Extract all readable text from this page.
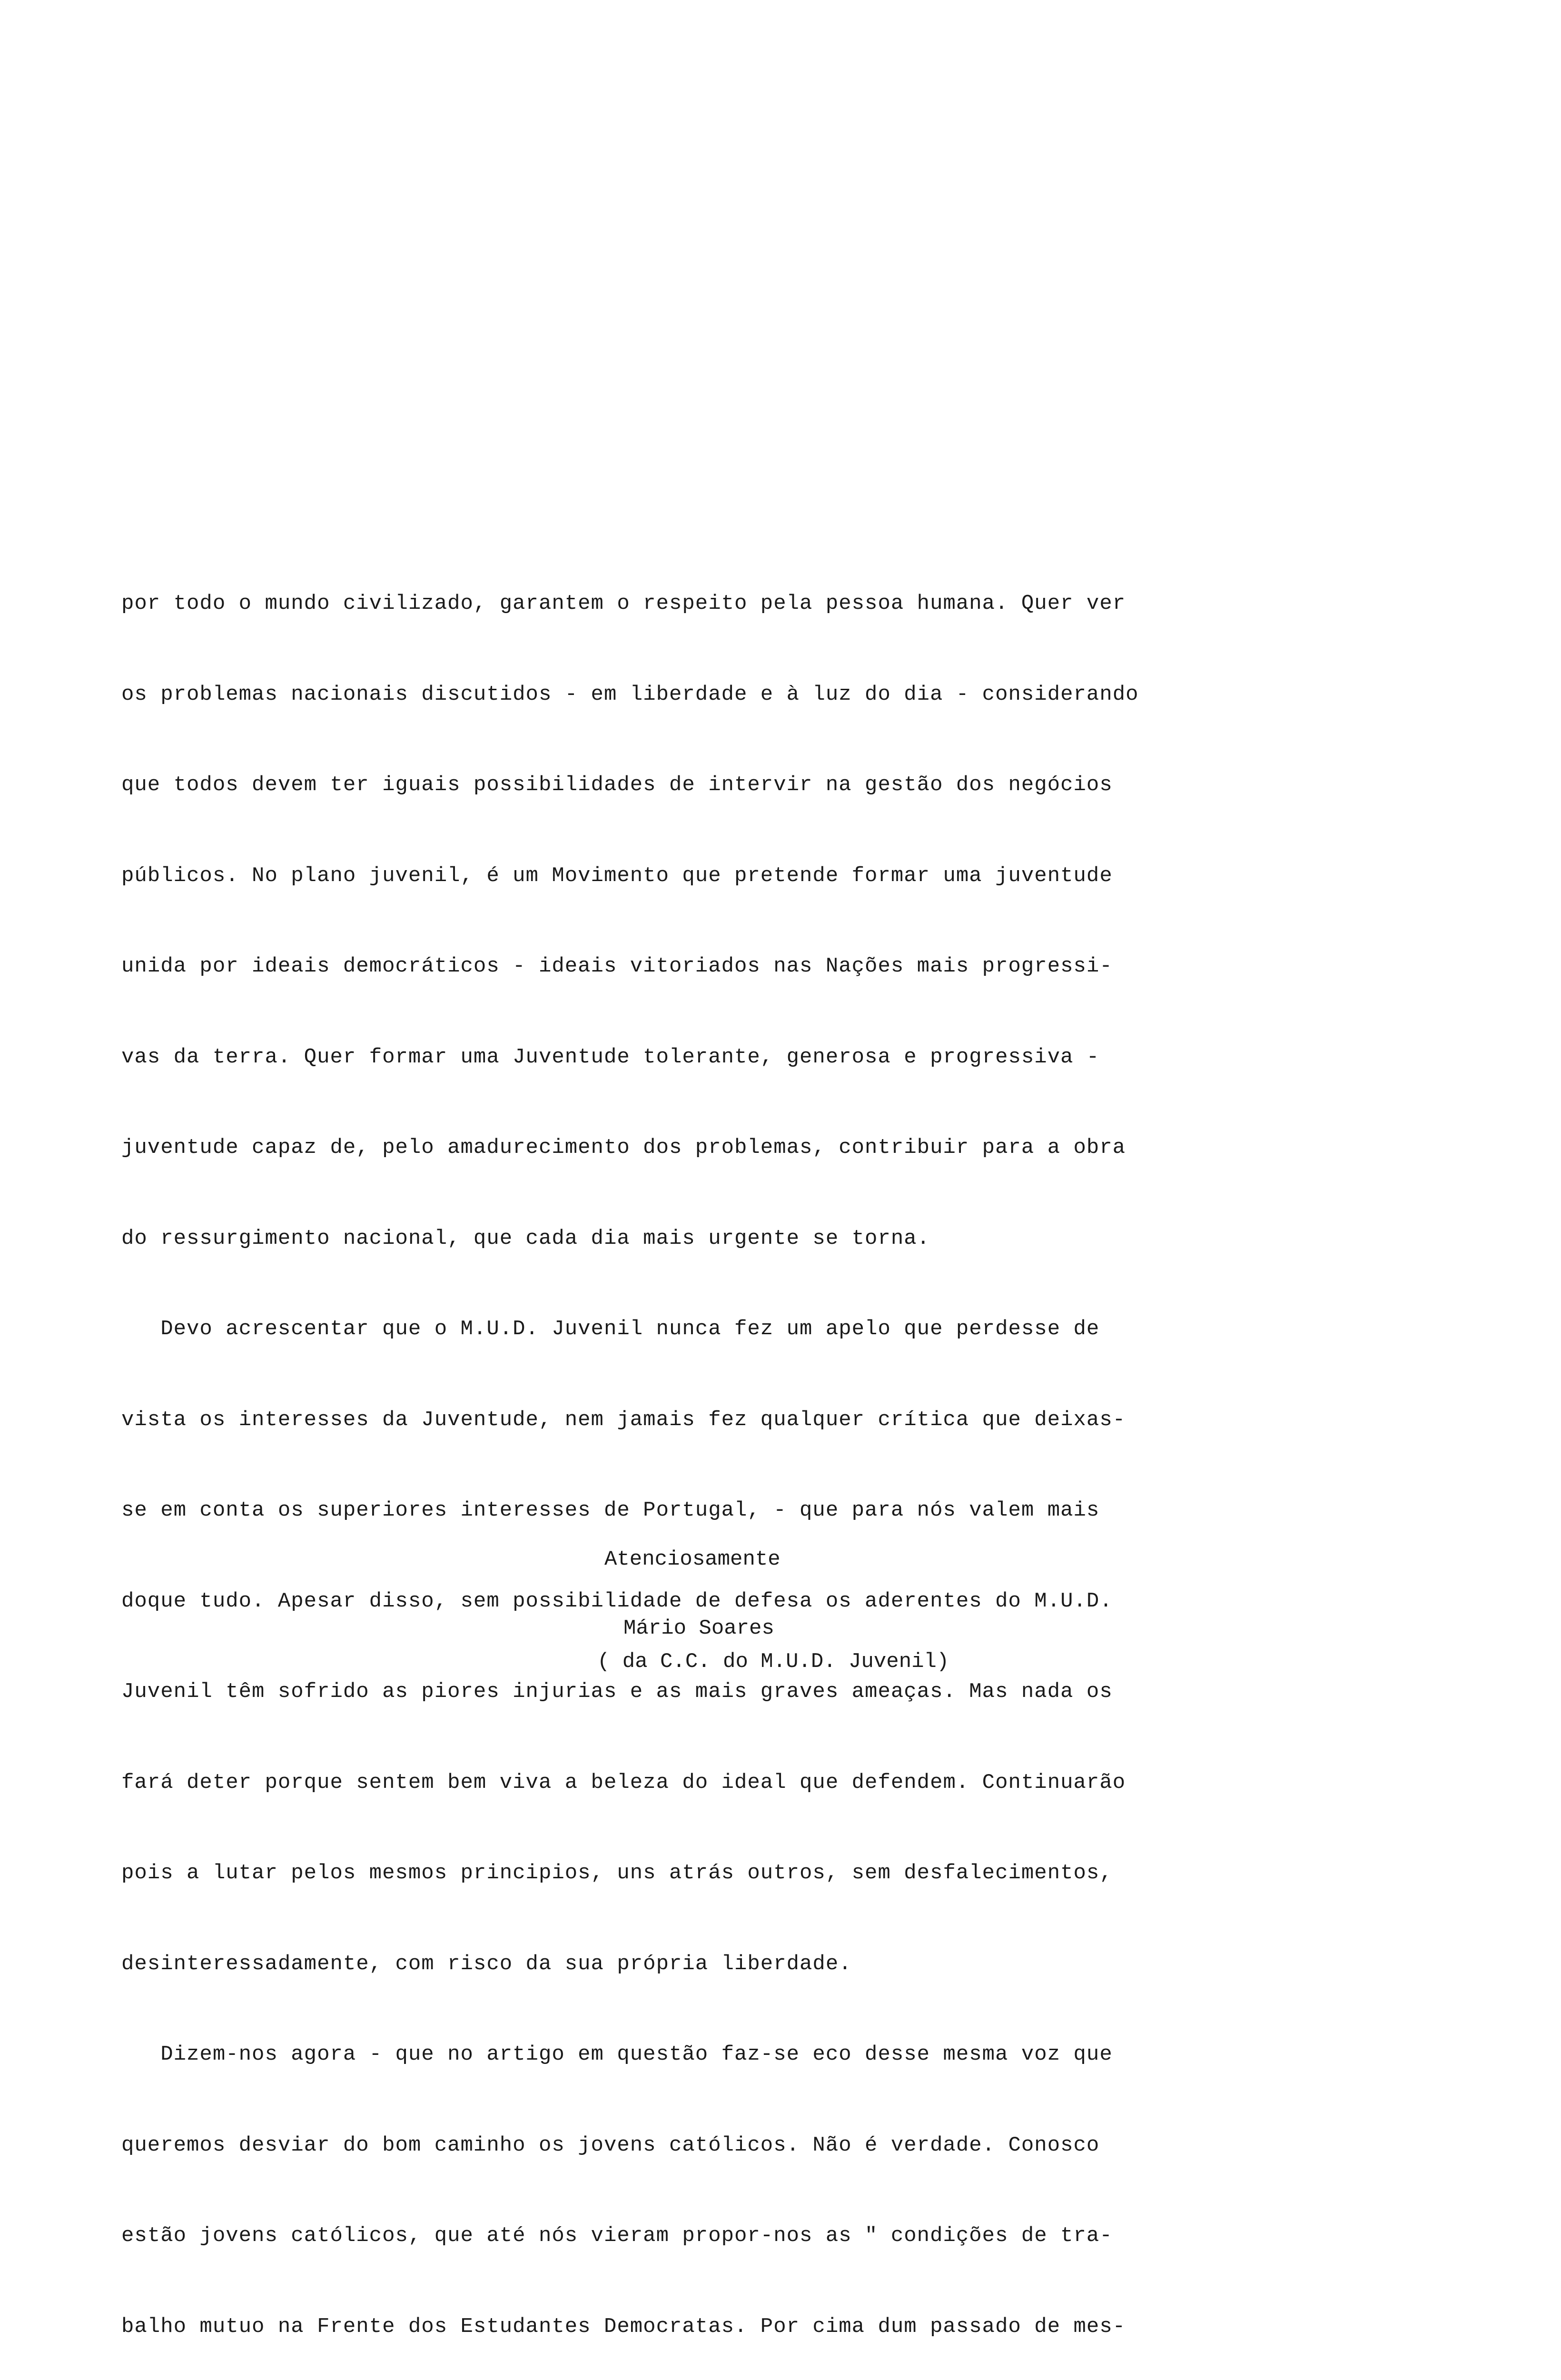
por todo o mundo civilizado, garantem o respeito pela pessoa humana. Quer ver

os problemas nacionais discutidos - em liberdade e à luz do dia - considerando

que todos devem ter iguais possibilidades de intervir na gestão dos negócios

públicos. No plano juvenil, é um Movimento que pretende formar uma juventude

unida por ideais democráticos - ideais vitoriados nas Nações mais progressi-

vas da terra. Quer formar uma Juventude tolerante, generosa e progressiva -

juventude capaz de, pelo amadurecimento dos problemas, contribuir para a obra

do ressurgimento nacional, que cada dia mais urgente se torna.

Devo acrescentar que o M.U.D. Juvenil nunca fez um apelo que perdesse de

vista os interesses da Juventude, nem jamais fez qualquer crítica que deixas-

se em conta os superiores interesses de Portugal, - que para nós valem mais

doque tudo. Apesar disso, sem possibilidade de defesa os aderentes do M.U.D.

Juvenil têm sofrido as piores injurias e as mais graves ameaças. Mas nada os

fará deter porque sentem bem viva a beleza do ideal que defendem. Continuarão

pois a lutar pelos mesmos principios, uns atrás outros, sem desfalecimentos,

desinteressadamente, com risco da sua própria liberdade.

Dizem-nos agora - que no artigo em questão faz-se eco desse mesma voz que

queremos desviar do bom caminho os jovens católicos. Não é verdade. Conosco

estão jovens católicos, que até nós vieram propor-nos as " condições de tra-

balho mutuo na Frente dos Estudantes Democratas. Por cima dum passado de mes-

Atenciosamente
Mário Soares
( da C.C. do M.U.D. Juvenil)
